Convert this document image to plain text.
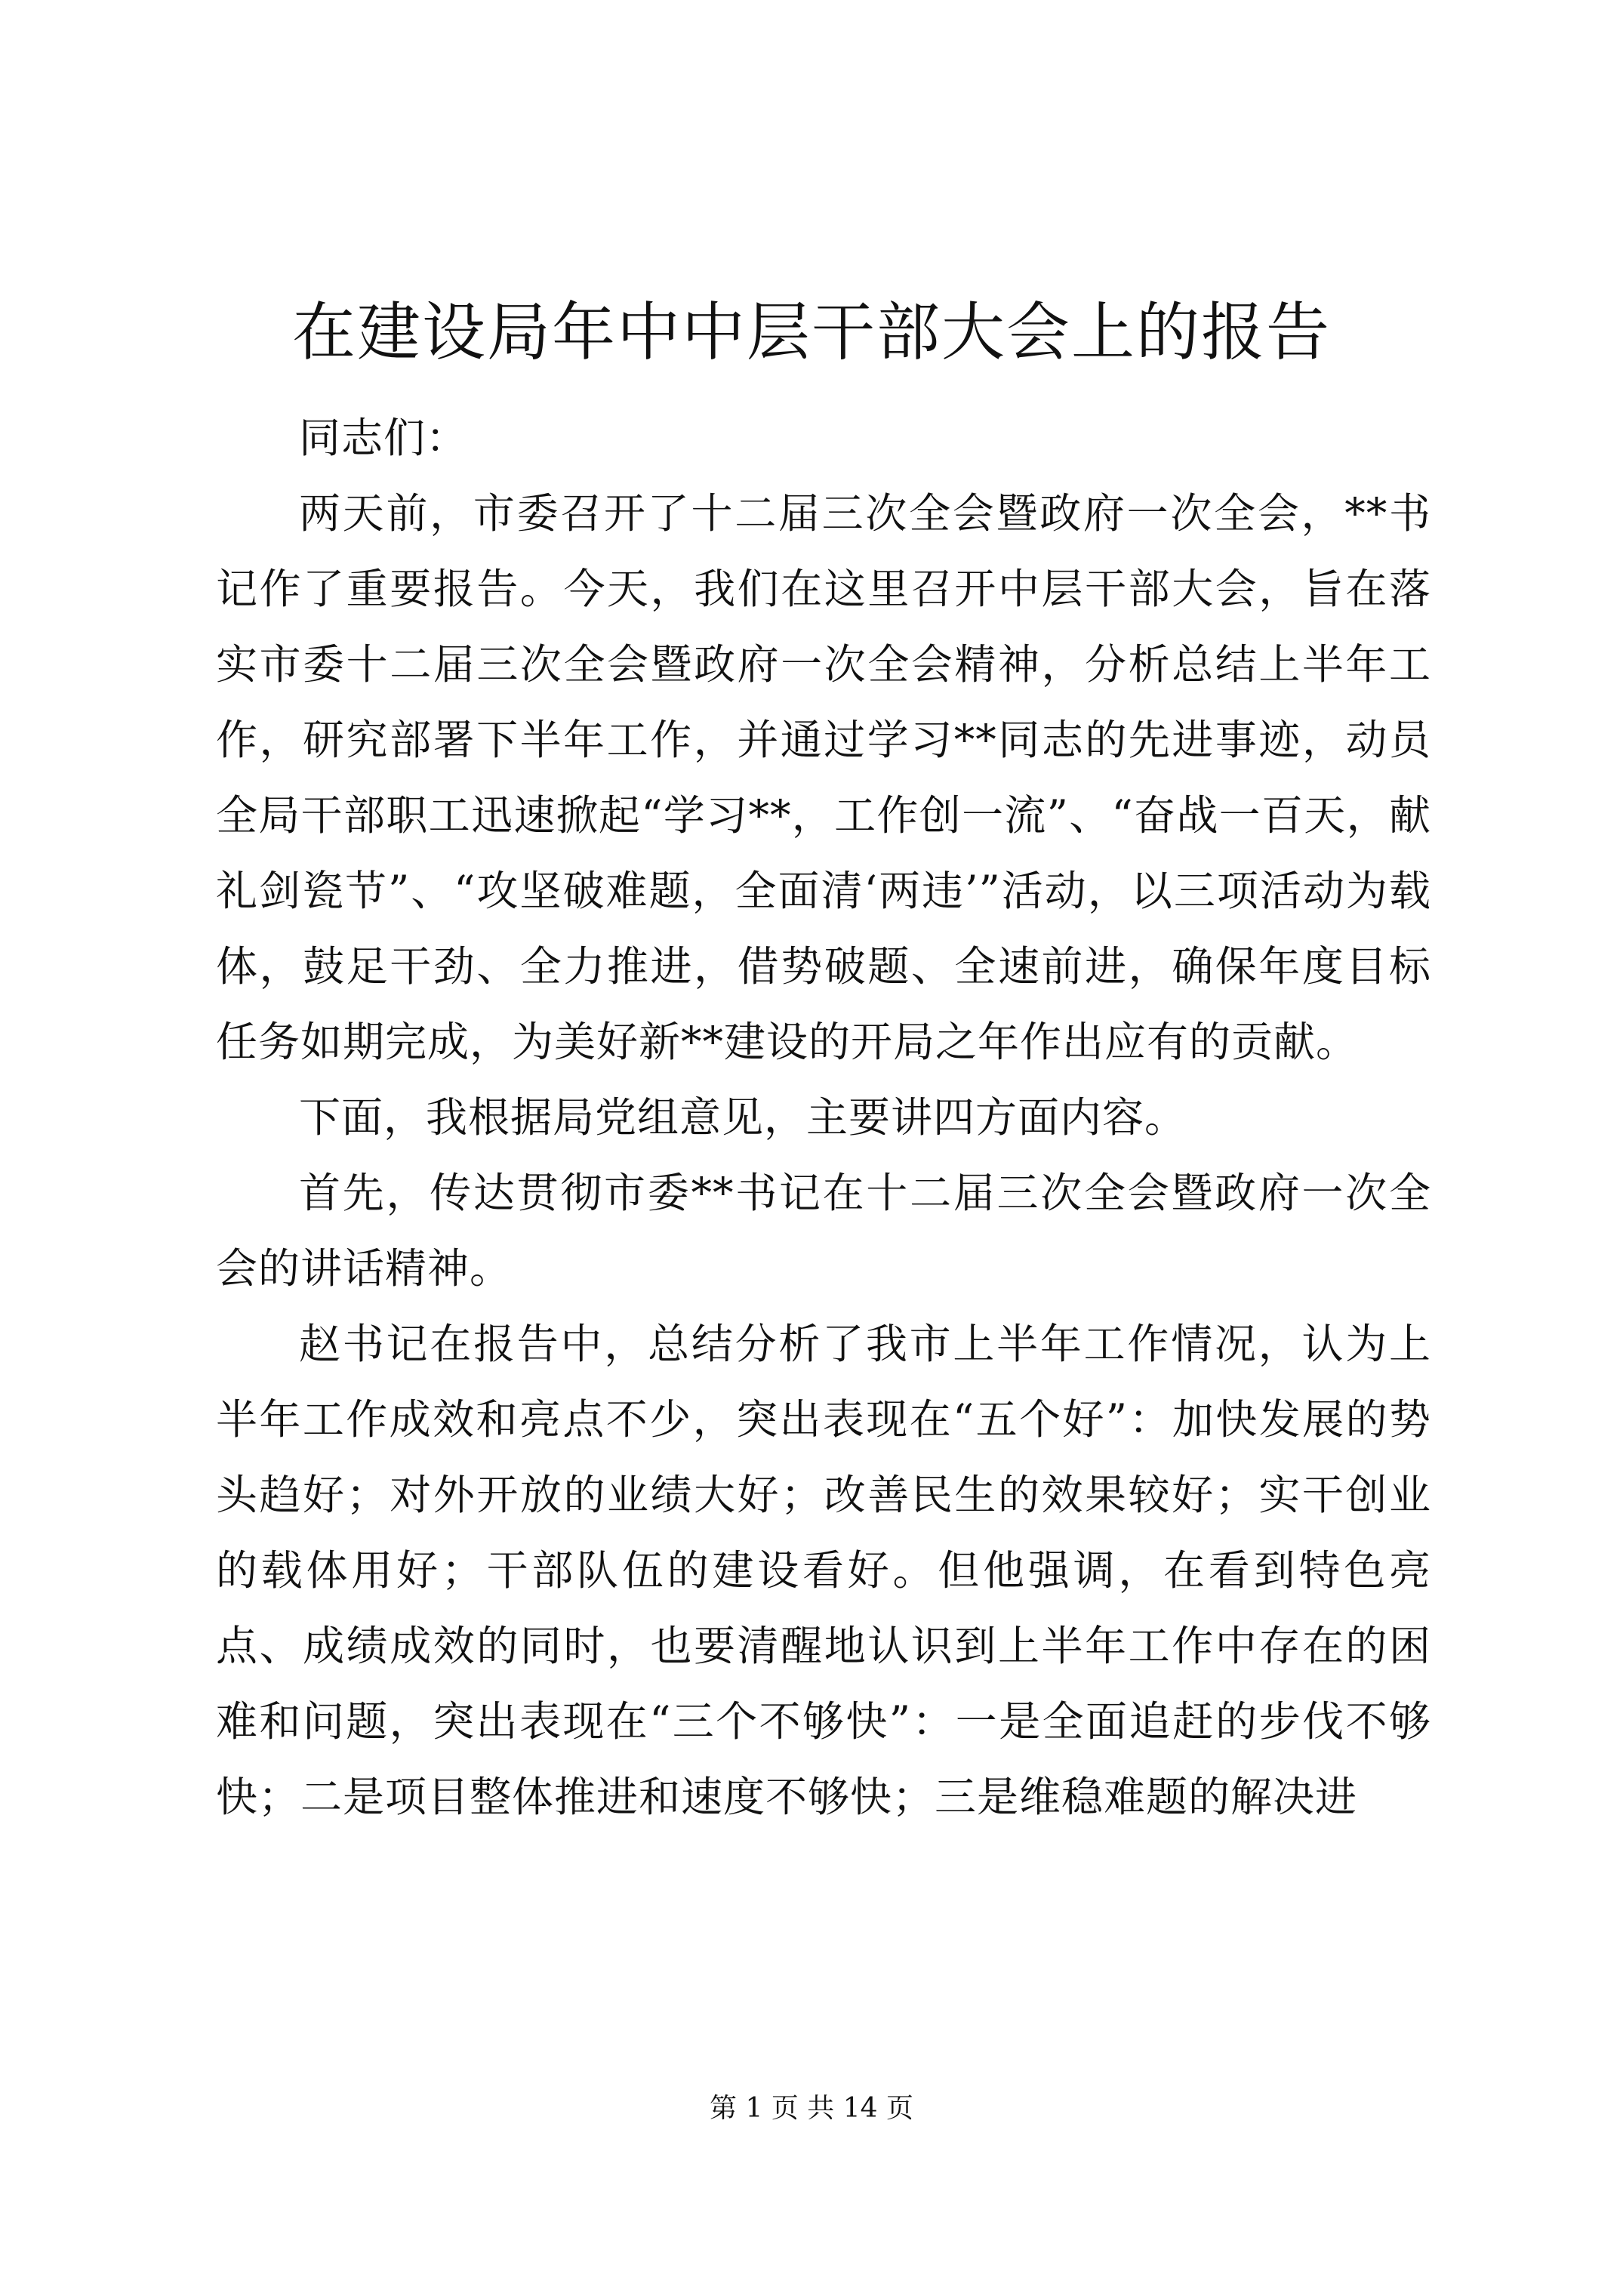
在建设局年中中层干部大会上的报告

同志们：

两天前，市委召开了十二届三次全会暨政府一次全会，**书记作了重要报告。今天，我们在这里召开中层干部大会，旨在落实市委十二届三次全会暨政府一次全会精神，分析总结上半年工作，研究部署下半年工作，并通过学习**同志的先进事迹，动员全局干部职工迅速掀起“学习**，工作创一流”、“奋战一百天，献礼剑瓷节”、“攻坚破难题，全面清‘两违’”活动，以三项活动为载体，鼓足干劲、全力推进，借势破题、全速前进，确保年度目标任务如期完成，为美好新**建设的开局之年作出应有的贡献。

下面，我根据局党组意见，主要讲四方面内容。

首先，传达贯彻市委**书记在十二届三次全会暨政府一次全会的讲话精神。

赵书记在报告中，总结分析了我市上半年工作情况，认为上半年工作成效和亮点不少，突出表现在“五个好”：加快发展的势头趋好；对外开放的业绩大好；改善民生的效果较好；实干创业的载体用好；干部队伍的建设看好。但他强调，在看到特色亮点、成绩成效的同时，也要清醒地认识到上半年工作中存在的困难和问题，突出表现在“三个不够快”：一是全面追赶的步伐不够快；二是项目整体推进和速度不够快；三是维稳难题的解决进

第 1 页 共 14 页
